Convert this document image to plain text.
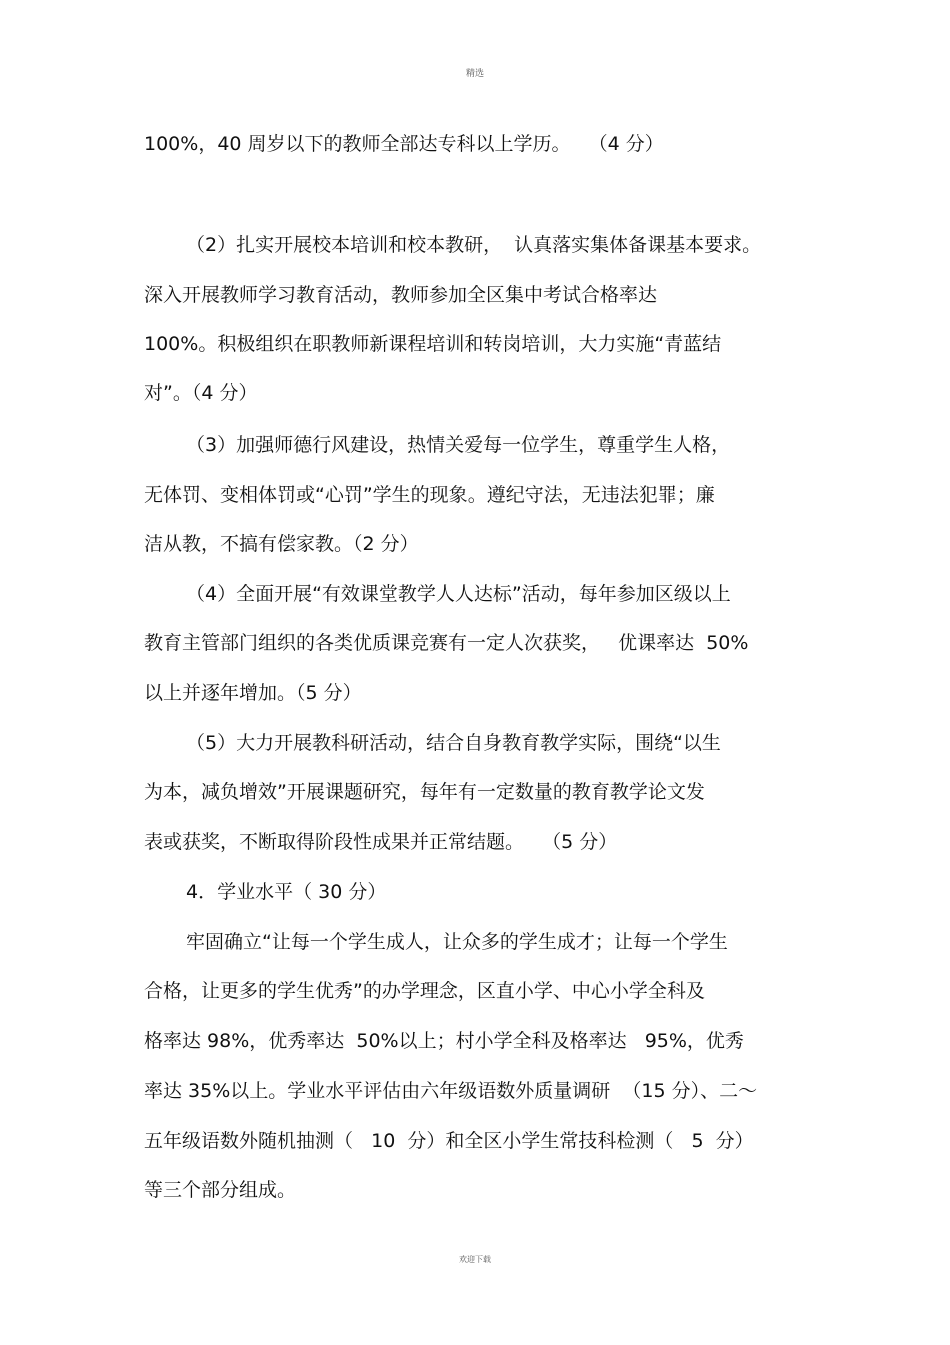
精选
100%，40 周岁以下的教师全部达专科以上学历。   （4 分）
（2）扎实开展校本培训和校本教研，  认真落实集体备课基本要求。
深入开展教师学习教育活动，教师参加全区集中考试合格率达
100%。积极组织在职教师新课程培训和转岗培训，大力实施“青蓝结
对”。（4 分）
（3）加强师德行风建设，热情关爱每一位学生，尊重学生人格，
无体罚、变相体罚或“心罚”学生的现象。遵纪守法，无违法犯罪；廉
洁从教，不搞有偿家教。（2 分）
（4）全面开展“有效课堂教学人人达标”活动，每年参加区级以上
教育主管部门组织的各类优质课竞赛有一定人次获奖，   优课率达  50%
以上并逐年增加。（5 分）
（5）大力开展教科研活动，结合自身教育教学实际，围绕“以生
为本，减负增效”开展课题研究，每年有一定数量的教育教学论文发
表或获奖，不断取得阶段性成果并正常结题。   （5 分）
4．学业水平（ 30 分）
牢固确立“让每一个学生成人，让众多的学生成才；让每一个学生
合格，让更多的学生优秀”的办学理念，区直小学、中心小学全科及
格率达 98%，优秀率达  50%以上；村小学全科及格率达   95%，优秀
率达 35%以上。学业水平评估由六年级语数外质量调研  （15 分）、二～
五年级语数外随机抽测（   10  分）和全区小学生常技科检测（   5  分）
等三个部分组成。
欢迎下载
